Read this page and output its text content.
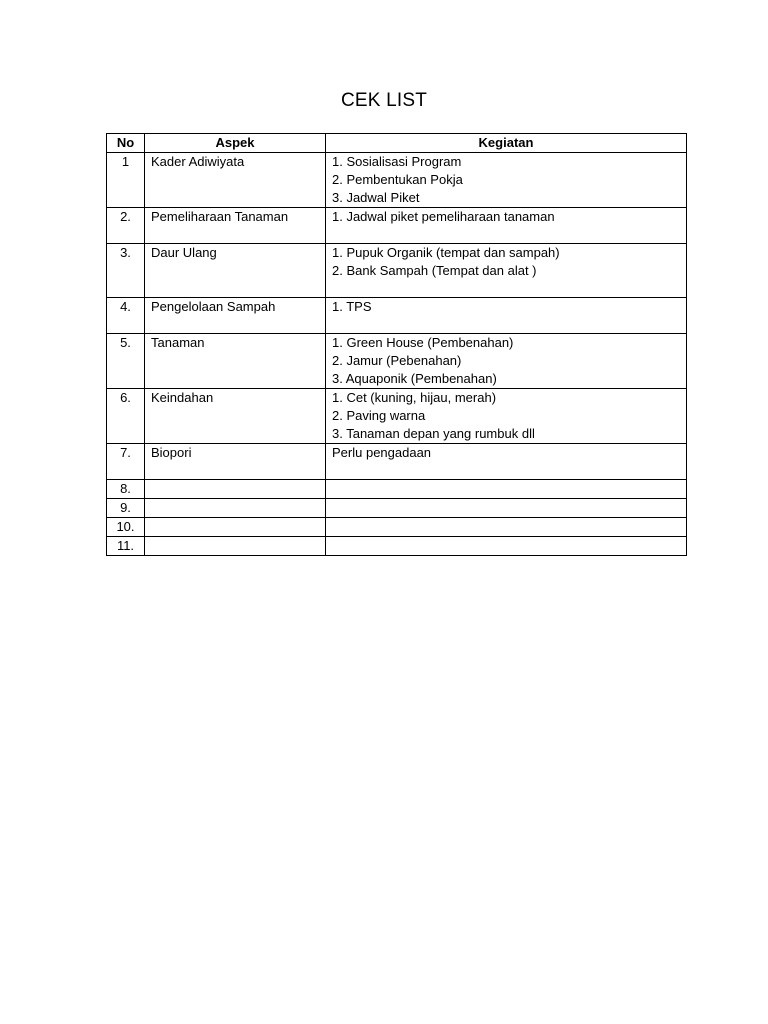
CEK LIST
No	Aspek	Kegiatan
1	Kader Adiwiyata	1. Sosialisasi Program
2. Pembentukan Pokja
3. Jadwal Piket

2.	Pemeliharaan Tanaman	1. Jadwal piket pemeliharaan tanaman

3.	Daur Ulang	1. Pupuk Organik (tempat dan sampah)
2. Bank Sampah (Tempat dan alat )

4.	Pengelolaan Sampah	1. TPS

5.	Tanaman	1. Green House (Pembenahan)
2. Jamur (Pebenahan)
3. Aquaponik (Pembenahan)

6.	Keindahan	1. Cet (kuning, hijau, merah)
2. Paving warna
3. Tanaman depan yang rumbuk dll

7.	Biopori	Perlu pengadaan

8.		
9.		
10.		
11.		
